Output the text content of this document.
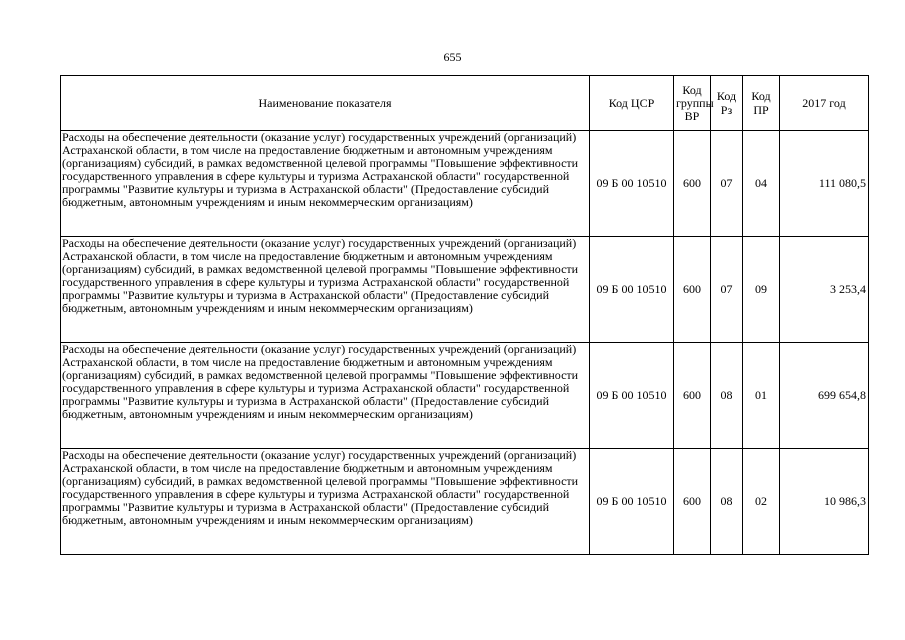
655
Наименование показателя	Код ЦСР	Код группы ВР	Код Рз	Код ПР	2017 год
Расходы на обеспечение деятельности (оказание услуг) государственных учреждений (организаций) Астраханской области, в том числе на предоставление бюджетным и автономным учреждениям (организациям) субсидий, в рамках ведомственной целевой программы "Повышение эффективности государственного управления в сфере культуры и туризма Астраханской области" государственной программы "Развитие культуры и туризма в Астраханской области" (Предоставление субсидий бюджетным, автономным учреждениям и иным некоммерческим организациям)	09 Б 00 10510	600	07	04	111 080,5
Расходы на обеспечение деятельности (оказание услуг) государственных учреждений (организаций) Астраханской области, в том числе на предоставление бюджетным и автономным учреждениям (организациям) субсидий, в рамках ведомственной целевой программы "Повышение эффективности государственного управления в сфере культуры и туризма Астраханской области" государственной программы "Развитие культуры и туризма в Астраханской области" (Предоставление субсидий бюджетным, автономным учреждениям и иным некоммерческим организациям)	09 Б 00 10510	600	07	09	3 253,4
Расходы на обеспечение деятельности (оказание услуг) государственных учреждений (организаций) Астраханской области, в том числе на предоставление бюджетным и автономным учреждениям (организациям) субсидий, в рамках ведомственной целевой программы "Повышение эффективности государственного управления в сфере культуры и туризма Астраханской области" государственной программы "Развитие культуры и туризма в Астраханской области" (Предоставление субсидий бюджетным, автономным учреждениям и иным некоммерческим организациям)	09 Б 00 10510	600	08	01	699 654,8
Расходы на обеспечение деятельности (оказание услуг) государственных учреждений (организаций) Астраханской области, в том числе на предоставление бюджетным и автономным учреждениям (организациям) субсидий, в рамках ведомственной целевой программы "Повышение эффективности государственного управления в сфере культуры и туризма Астраханской области" государственной программы "Развитие культуры и туризма в Астраханской области" (Предоставление субсидий бюджетным, автономным учреждениям и иным некоммерческим организациям)	09 Б 00 10510	600	08	02	10 986,3
